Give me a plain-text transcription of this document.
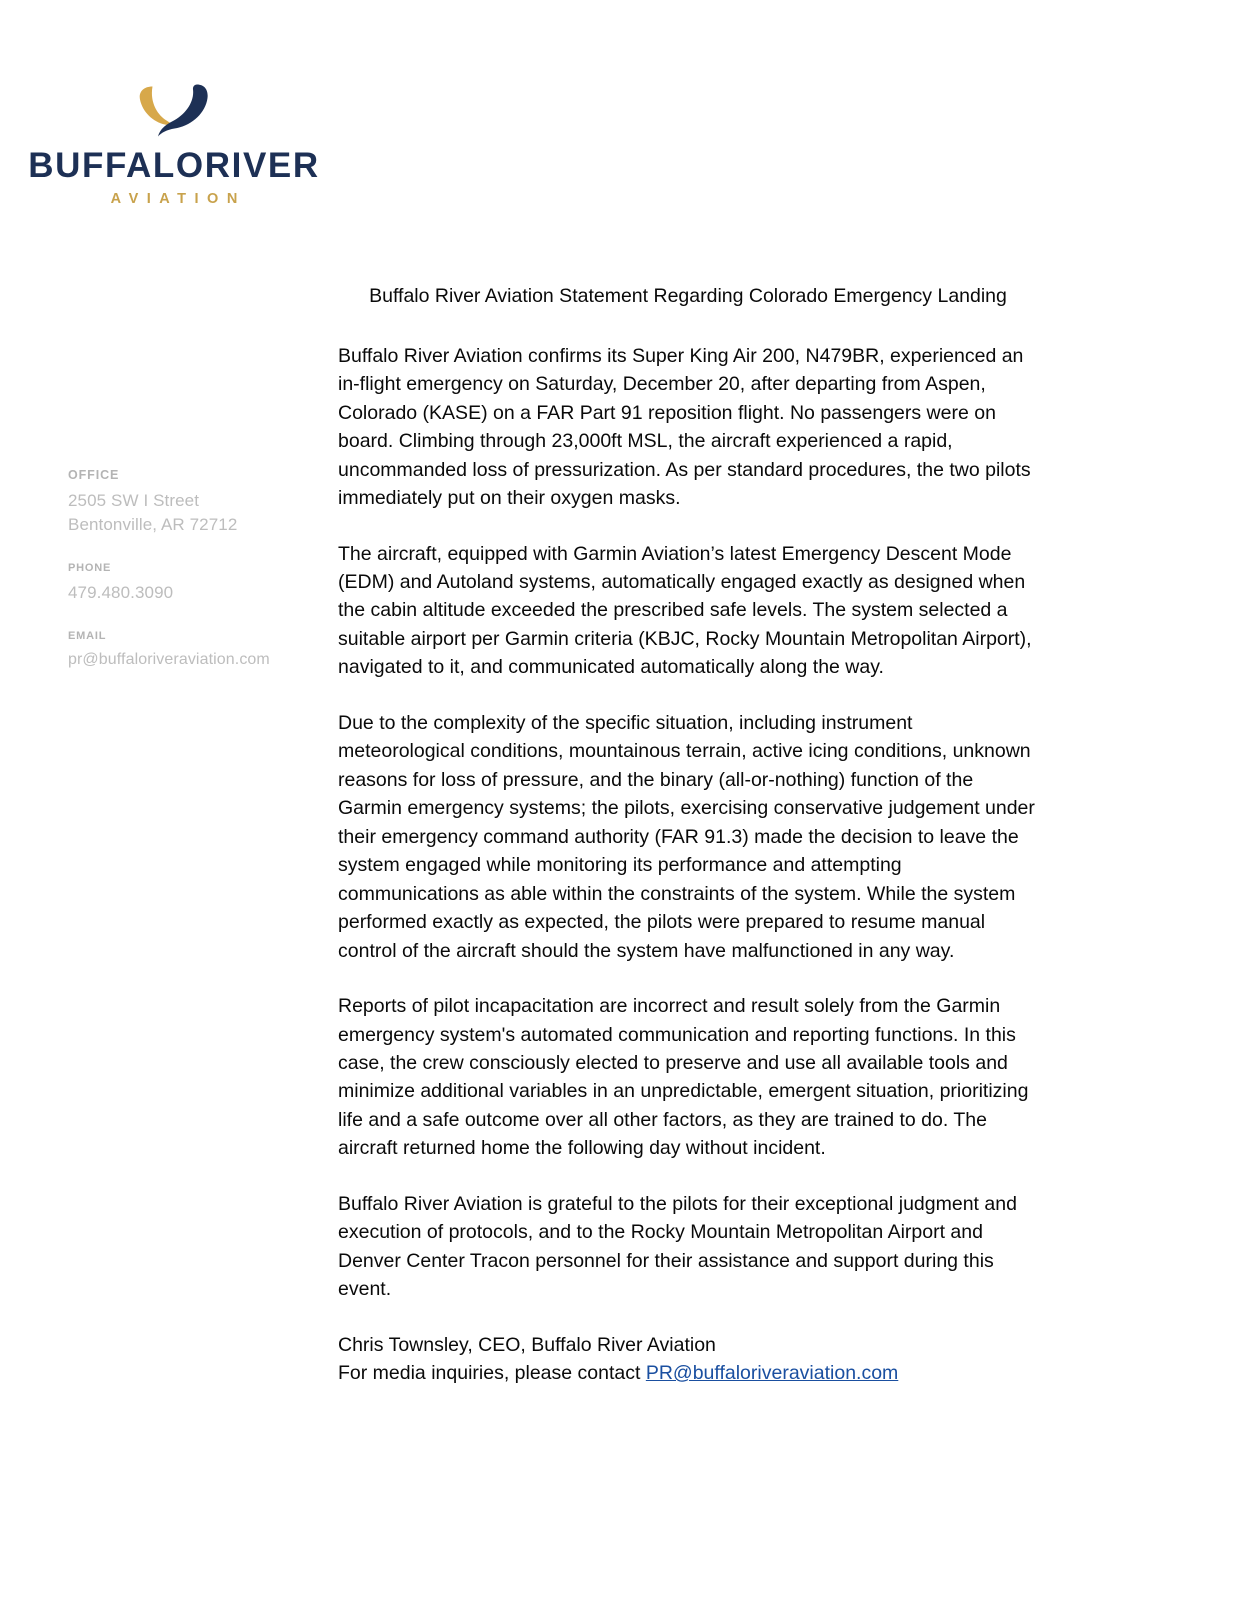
BUFFALORIVER
AVIATION
OFFICE
2505 SW I Street
Bentonville, AR 72712
PHONE
479.480.3090
EMAIL
pr@buffaloriveraviation.com
Buffalo River Aviation Statement Regarding Colorado Emergency Landing

Buffalo River Aviation confirms its Super King Air 200, N479BR, experienced an in-flight emergency on Saturday, December 20, after departing from Aspen, Colorado (KASE) on a FAR Part 91 reposition flight. No passengers were on board. Climbing through 23,000ft MSL, the aircraft experienced a rapid, uncommanded loss of pressurization. As per standard procedures, the two pilots immediately put on their oxygen masks.

The aircraft, equipped with Garmin Aviation’s latest Emergency Descent Mode (EDM) and Autoland systems, automatically engaged exactly as designed when the cabin altitude exceeded the prescribed safe levels. The system selected a suitable airport per Garmin criteria (KBJC, Rocky Mountain Metropolitan Airport), navigated to it, and communicated automatically along the way.

Due to the complexity of the specific situation, including instrument meteorological conditions, mountainous terrain, active icing conditions, unknown reasons for loss of pressure, and the binary (all-or-nothing) function of the Garmin emergency systems; the pilots, exercising conservative judgement under their emergency command authority (FAR 91.3) made the decision to leave the system engaged while monitoring its performance and attempting communications as able within the constraints of the system. While the system performed exactly as expected, the pilots were prepared to resume manual control of the aircraft should the system have malfunctioned in any way.

Reports of pilot incapacitation are incorrect and result solely from the Garmin emergency system's automated communication and reporting functions. In this case, the crew consciously elected to preserve and use all available tools and minimize additional variables in an unpredictable, emergent situation, prioritizing life and a safe outcome over all other factors, as they are trained to do. The aircraft returned home the following day without incident.

Buffalo River Aviation is grateful to the pilots for their exceptional judgment and execution of protocols, and to the Rocky Mountain Metropolitan Airport and Denver Center Tracon personnel for their assistance and support during this event.

Chris Townsley, CEO, Buffalo River Aviation
For media inquiries, please contact PR@buffaloriveraviation.com
